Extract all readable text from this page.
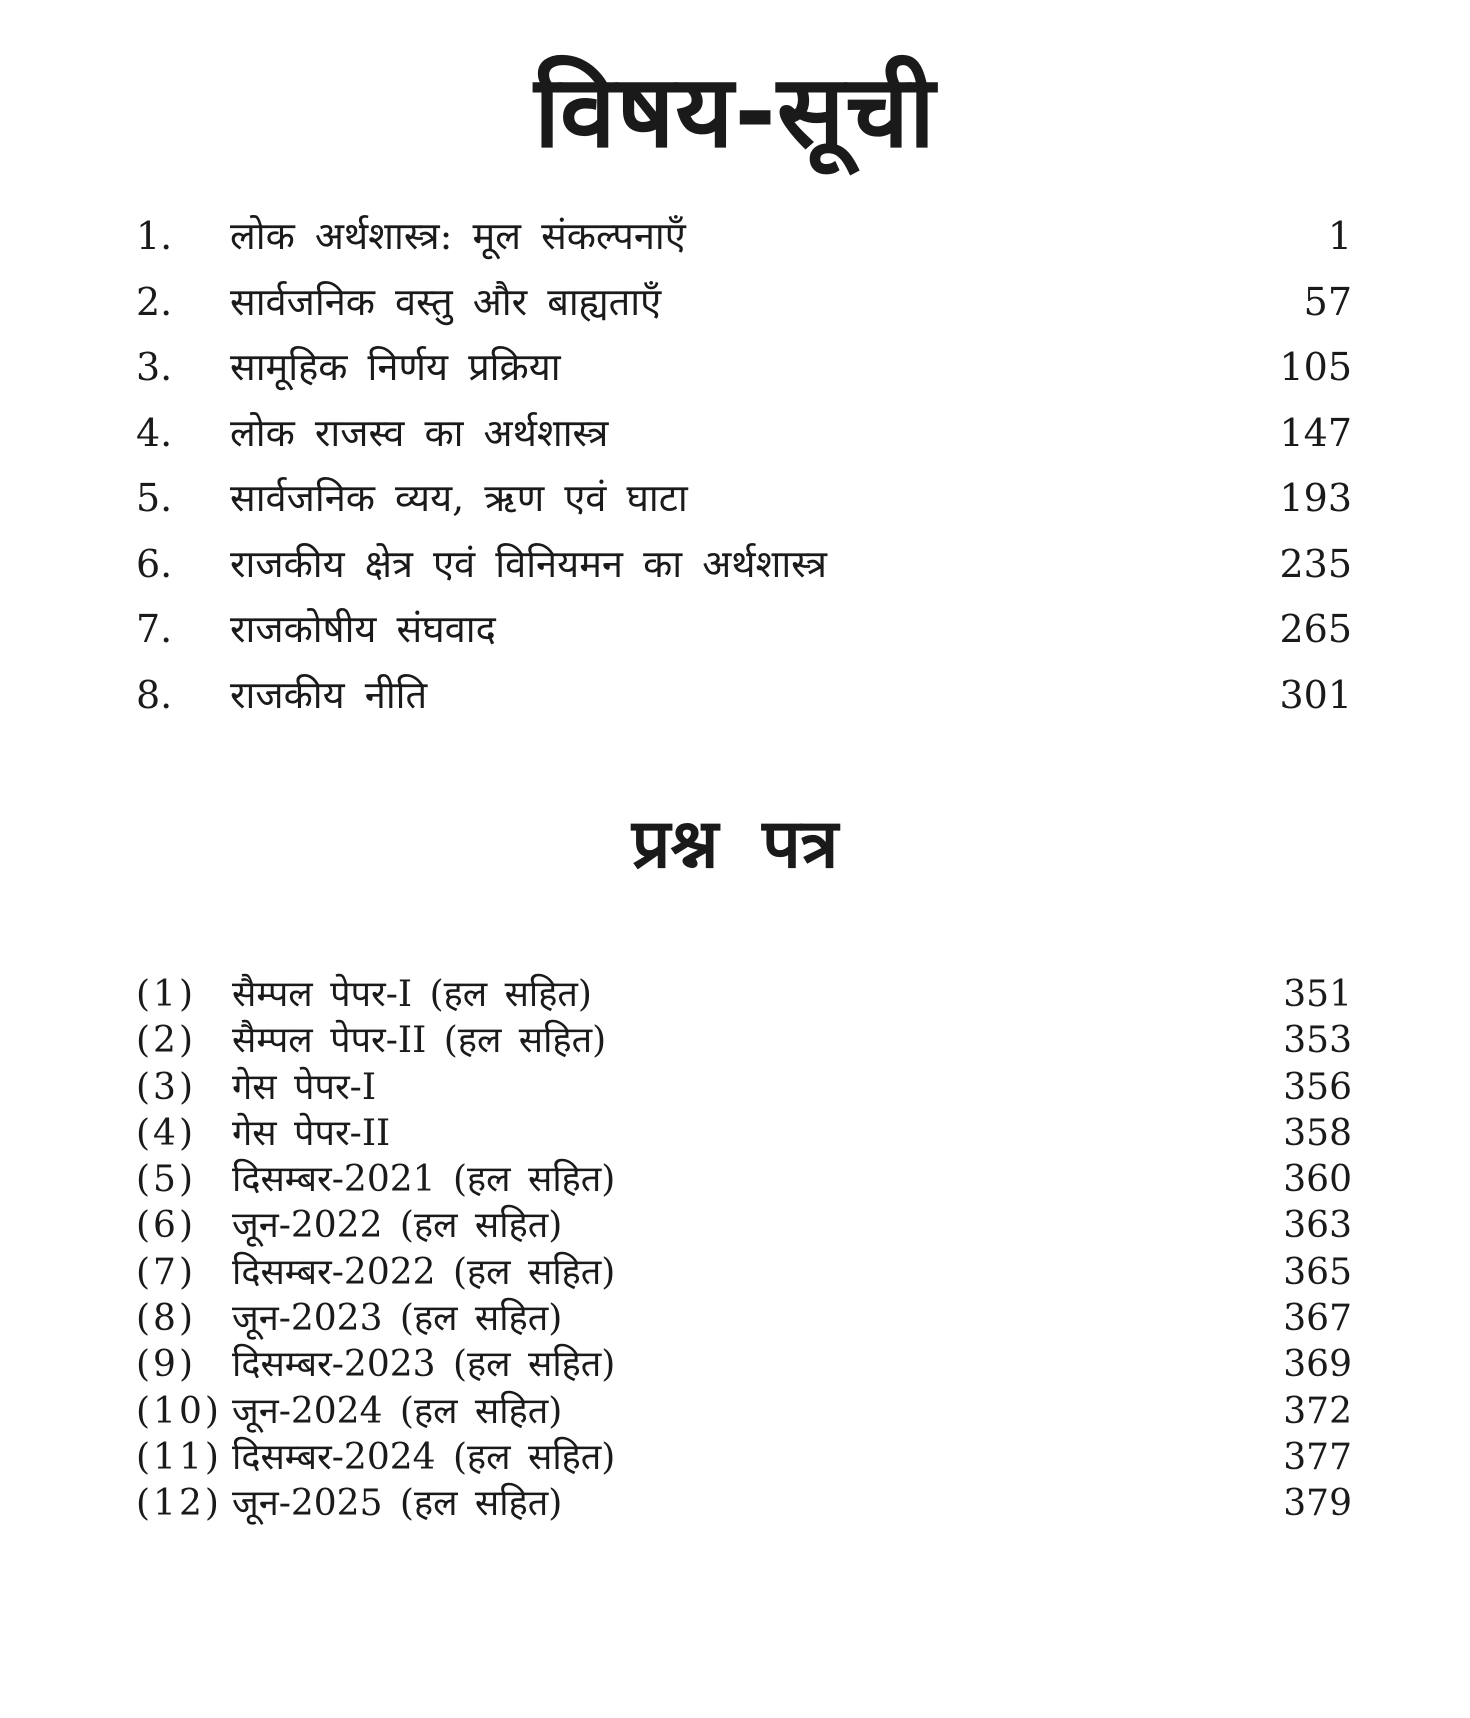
विषय-सूची
1. लोक अर्थशास्त्र: मूल संकल्पनाएँ	1
2. सार्वजनिक वस्तु और बाह्यताएँ	57
3. सामूहिक निर्णय प्रक्रिया	105
4. लोक राजस्व का अर्थशास्त्र	147
5. सार्वजनिक व्यय, ऋण एवं घाटा	193
6. राजकीय क्षेत्र एवं विनियमन का अर्थशास्त्र	235
7. राजकोषीय संघवाद	265
8. राजकीय नीति	301
प्रश्न पत्र
(1) सैम्पल पेपर-I (हल सहित)	351
(2) सैम्पल पेपर-II (हल सहित)	353
(3) गेस पेपर-I	356
(4) गेस पेपर-II	358
(5) दिसम्बर-2021 (हल सहित)	360
(6) जून-2022 (हल सहित)	363
(7) दिसम्बर-2022 (हल सहित)	365
(8) जून-2023 (हल सहित)	367
(9) दिसम्बर-2023 (हल सहित)	369
(10) जून-2024 (हल सहित)	372
(11) दिसम्बर-2024 (हल सहित)	377
(12) जून-2025 (हल सहित)	379
